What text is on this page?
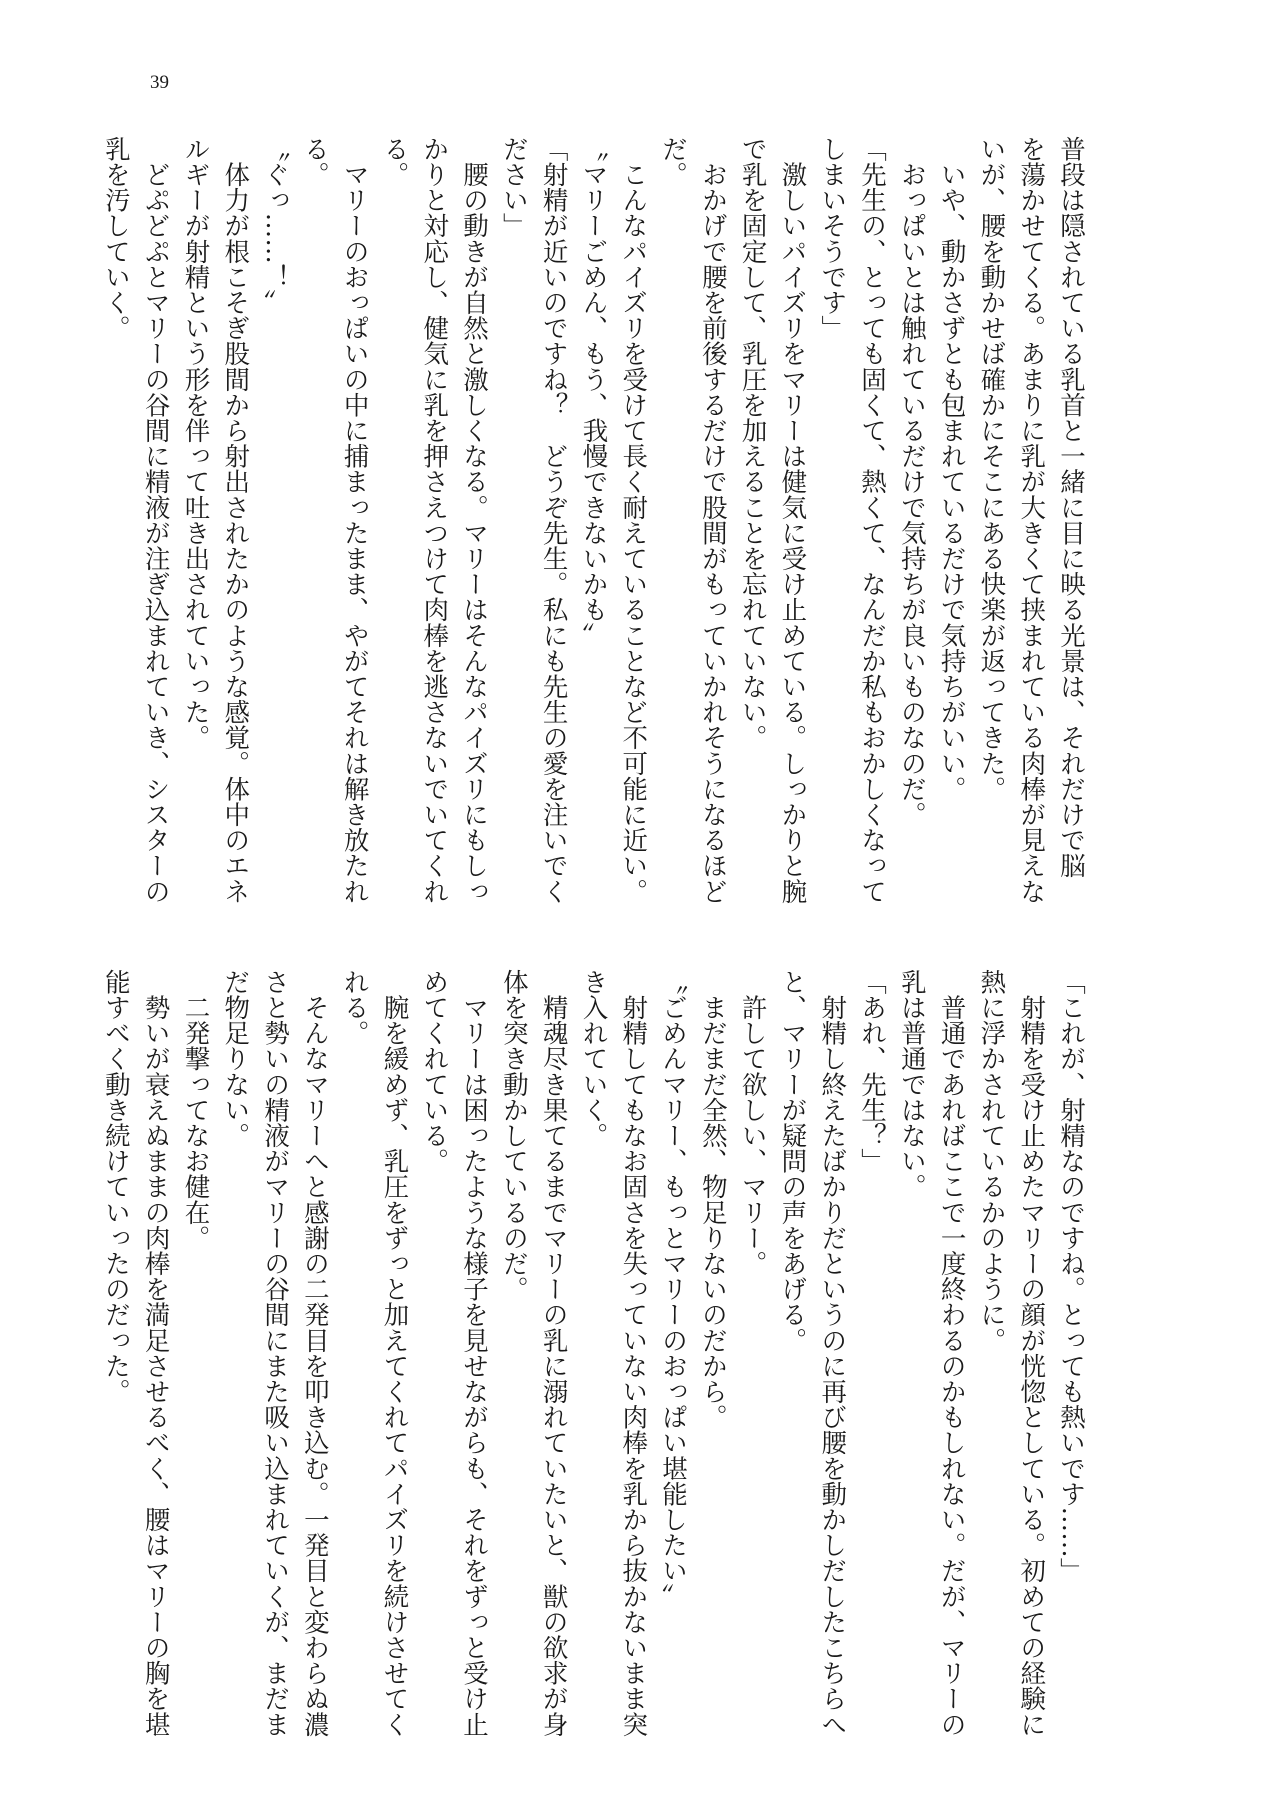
39
普段は隠されている乳首と一緒に目に映る光景は、それだけで脳
を蕩かせてくる。あまりに乳が大きくて挟まれている肉棒が見えな
いが、腰を動かせば確かにそこにある快楽が返ってきた。
　いや、動かさずとも包まれているだけで気持ちがいい。
　おっぱいとは触れているだけで気持ちが良いものなのだ。
「先生の、とっても固くて、熱くて、なんだか私もおかしくなって
しまいそうです」
　激しいパイズリをマリーは健気に受け止めている。しっかりと腕
で乳を固定して、乳圧を加えることを忘れていない。
　おかげで腰を前後するだけで股間がもっていかれそうになるほど
だ。
　こんなパイズリを受けて長く耐えていることなど不可能に近い。
〝マリーごめん、もう、我慢できないかも〟
「射精が近いのですね？　どうぞ先生。私にも先生の愛を注いでく
ださい」
　腰の動きが自然と激しくなる。マリーはそんなパイズリにもしっ
かりと対応し、健気に乳を押さえつけて肉棒を逃さないでいてくれ
る。
　マリーのおっぱいの中に捕まったまま、やがてそれは解き放たれ
る。
〝ぐっ……！〟
　体力が根こそぎ股間から射出されたかのような感覚。体中のエネ
ルギーが射精という形を伴って吐き出されていった。
　どぷどぷとマリーの谷間に精液が注ぎ込まれていき、シスターの
乳を汚していく。
「これが、射精なのですね。とっても熱いです……」
　射精を受け止めたマリーの顔が恍惚としている。初めての経験に
熱に浮かされているかのように。
　普通であればここで一度終わるのかもしれない。だが、マリーの
乳は普通ではない。
「あれ、先生？」
　射精し終えたばかりだというのに再び腰を動かしだしたこちらへ
と、マリーが疑問の声をあげる。
　許して欲しい、マリー。
　まだまだ全然、物足りないのだから。
〝ごめんマリー、もっとマリーのおっぱい堪能したい〟
　射精してもなお固さを失っていない肉棒を乳から抜かないまま突
き入れていく。
　精魂尽き果てるまでマリーの乳に溺れていたいと、獣の欲求が身
体を突き動かしているのだ。
　マリーは困ったような様子を見せながらも、それをずっと受け止
めてくれている。
　腕を緩めず、乳圧をずっと加えてくれてパイズリを続けさせてく
れる。
　そんなマリーへと感謝の二発目を叩き込む。一発目と変わらぬ濃
さと勢いの精液がマリーの谷間にまた吸い込まれていくが、まだま
だ物足りない。
　二発撃ってなお健在。
　勢いが衰えぬままの肉棒を満足させるべく、腰はマリーの胸を堪
能すべく動き続けていったのだった。
